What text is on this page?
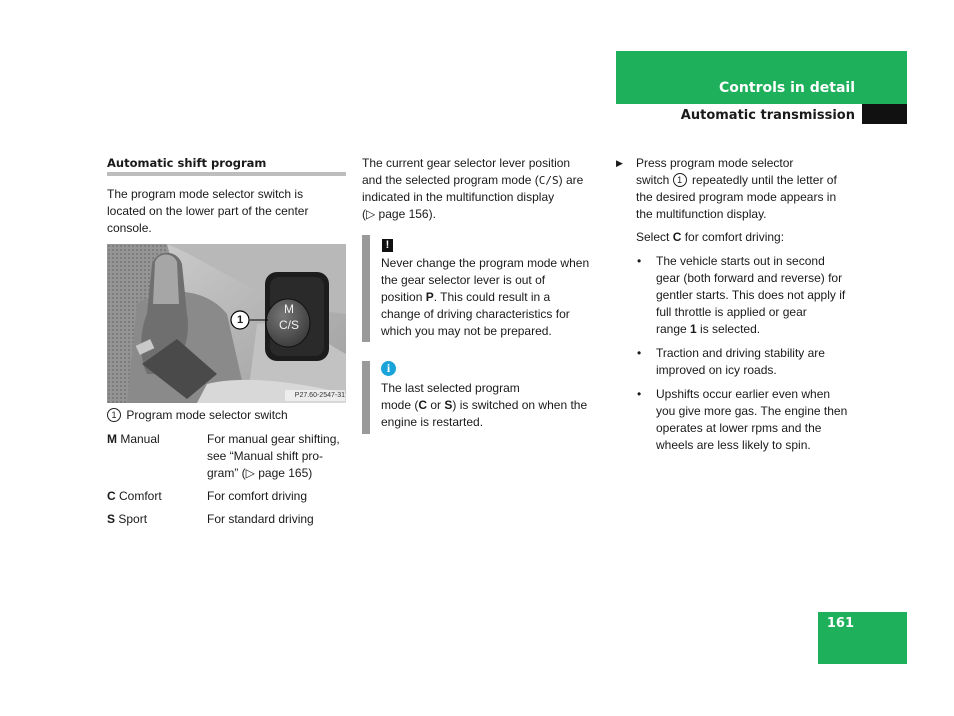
Controls in detail
Automatic transmission
Automatic shift program
The program mode selector switch is
located on the lower part of the center
console.
1
M
C/S
P27.60-2547-31
1 Program mode selector switch
M Manual	For manual gear shifting,
see “Manual shift pro-
gram” (▷ page 165)
C Comfort	For comfort driving
S Sport	For standard driving
The current gear selector lever position
and the selected program mode (C/S) are
indicated in the multifunction display
(▷ page 156).
!
Never change the program mode when
the gear selector lever is out of
position P. This could result in a
change of driving characteristics for
which you may not be prepared.
i
The last selected program
mode (C or S) is switched on when the
engine is restarted.
▶ Press program mode selector
switch 1 repeatedly until the letter of
the desired program mode appears in
the multifunction display.
Select C for comfort driving:
• The vehicle starts out in second
gear (both forward and reverse) for
gentler starts. This does not apply if
full throttle is applied or gear
range 1 is selected.
• Traction and driving stability are
improved on icy roads.
• Upshifts occur earlier even when
you give more gas. The engine then
operates at lower rpms and the
wheels are less likely to spin.
161
